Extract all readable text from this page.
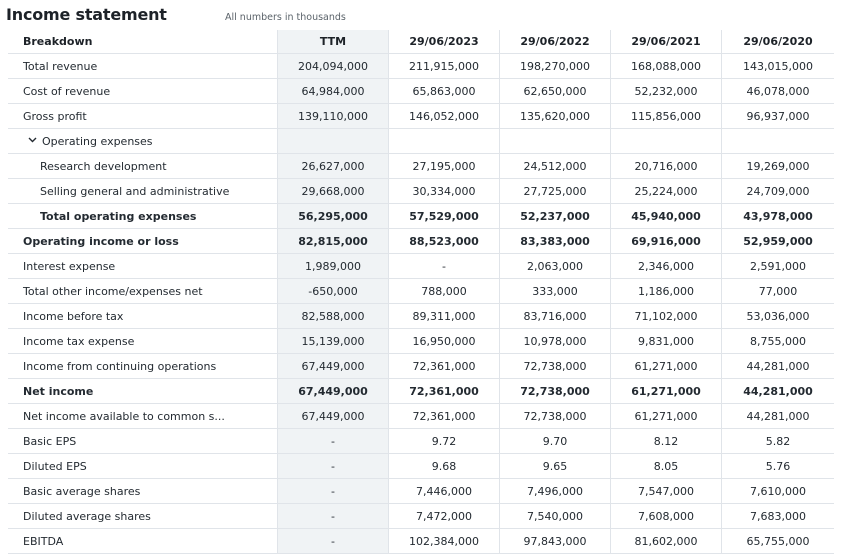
Income statement	All numbers in thousands
Breakdown	TTM	29/06/2023	29/06/2022	29/06/2021	29/06/2020
Total revenue	204,094,000	211,915,000	198,270,000	168,088,000	143,015,000
Cost of revenue	64,984,000	65,863,000	62,650,000	52,232,000	46,078,000
Gross profit	139,110,000	146,052,000	135,620,000	115,856,000	96,937,000
Operating expenses
Research development	26,627,000	27,195,000	24,512,000	20,716,000	19,269,000
Selling general and administrative	29,668,000	30,334,000	27,725,000	25,224,000	24,709,000
Total operating expenses	56,295,000	57,529,000	52,237,000	45,940,000	43,978,000
Operating income or loss	82,815,000	88,523,000	83,383,000	69,916,000	52,959,000
Interest expense	1,989,000	-	2,063,000	2,346,000	2,591,000
Total other income/expenses net	-650,000	788,000	333,000	1,186,000	77,000
Income before tax	82,588,000	89,311,000	83,716,000	71,102,000	53,036,000
Income tax expense	15,139,000	16,950,000	10,978,000	9,831,000	8,755,000
Income from continuing operations	67,449,000	72,361,000	72,738,000	61,271,000	44,281,000
Net income	67,449,000	72,361,000	72,738,000	61,271,000	44,281,000
Net income available to common s...	67,449,000	72,361,000	72,738,000	61,271,000	44,281,000
Basic EPS	-	9.72	9.70	8.12	5.82
Diluted EPS	-	9.68	9.65	8.05	5.76
Basic average shares	-	7,446,000	7,496,000	7,547,000	7,610,000
Diluted average shares	-	7,472,000	7,540,000	7,608,000	7,683,000
EBITDA	-	102,384,000	97,843,000	81,602,000	65,755,000
